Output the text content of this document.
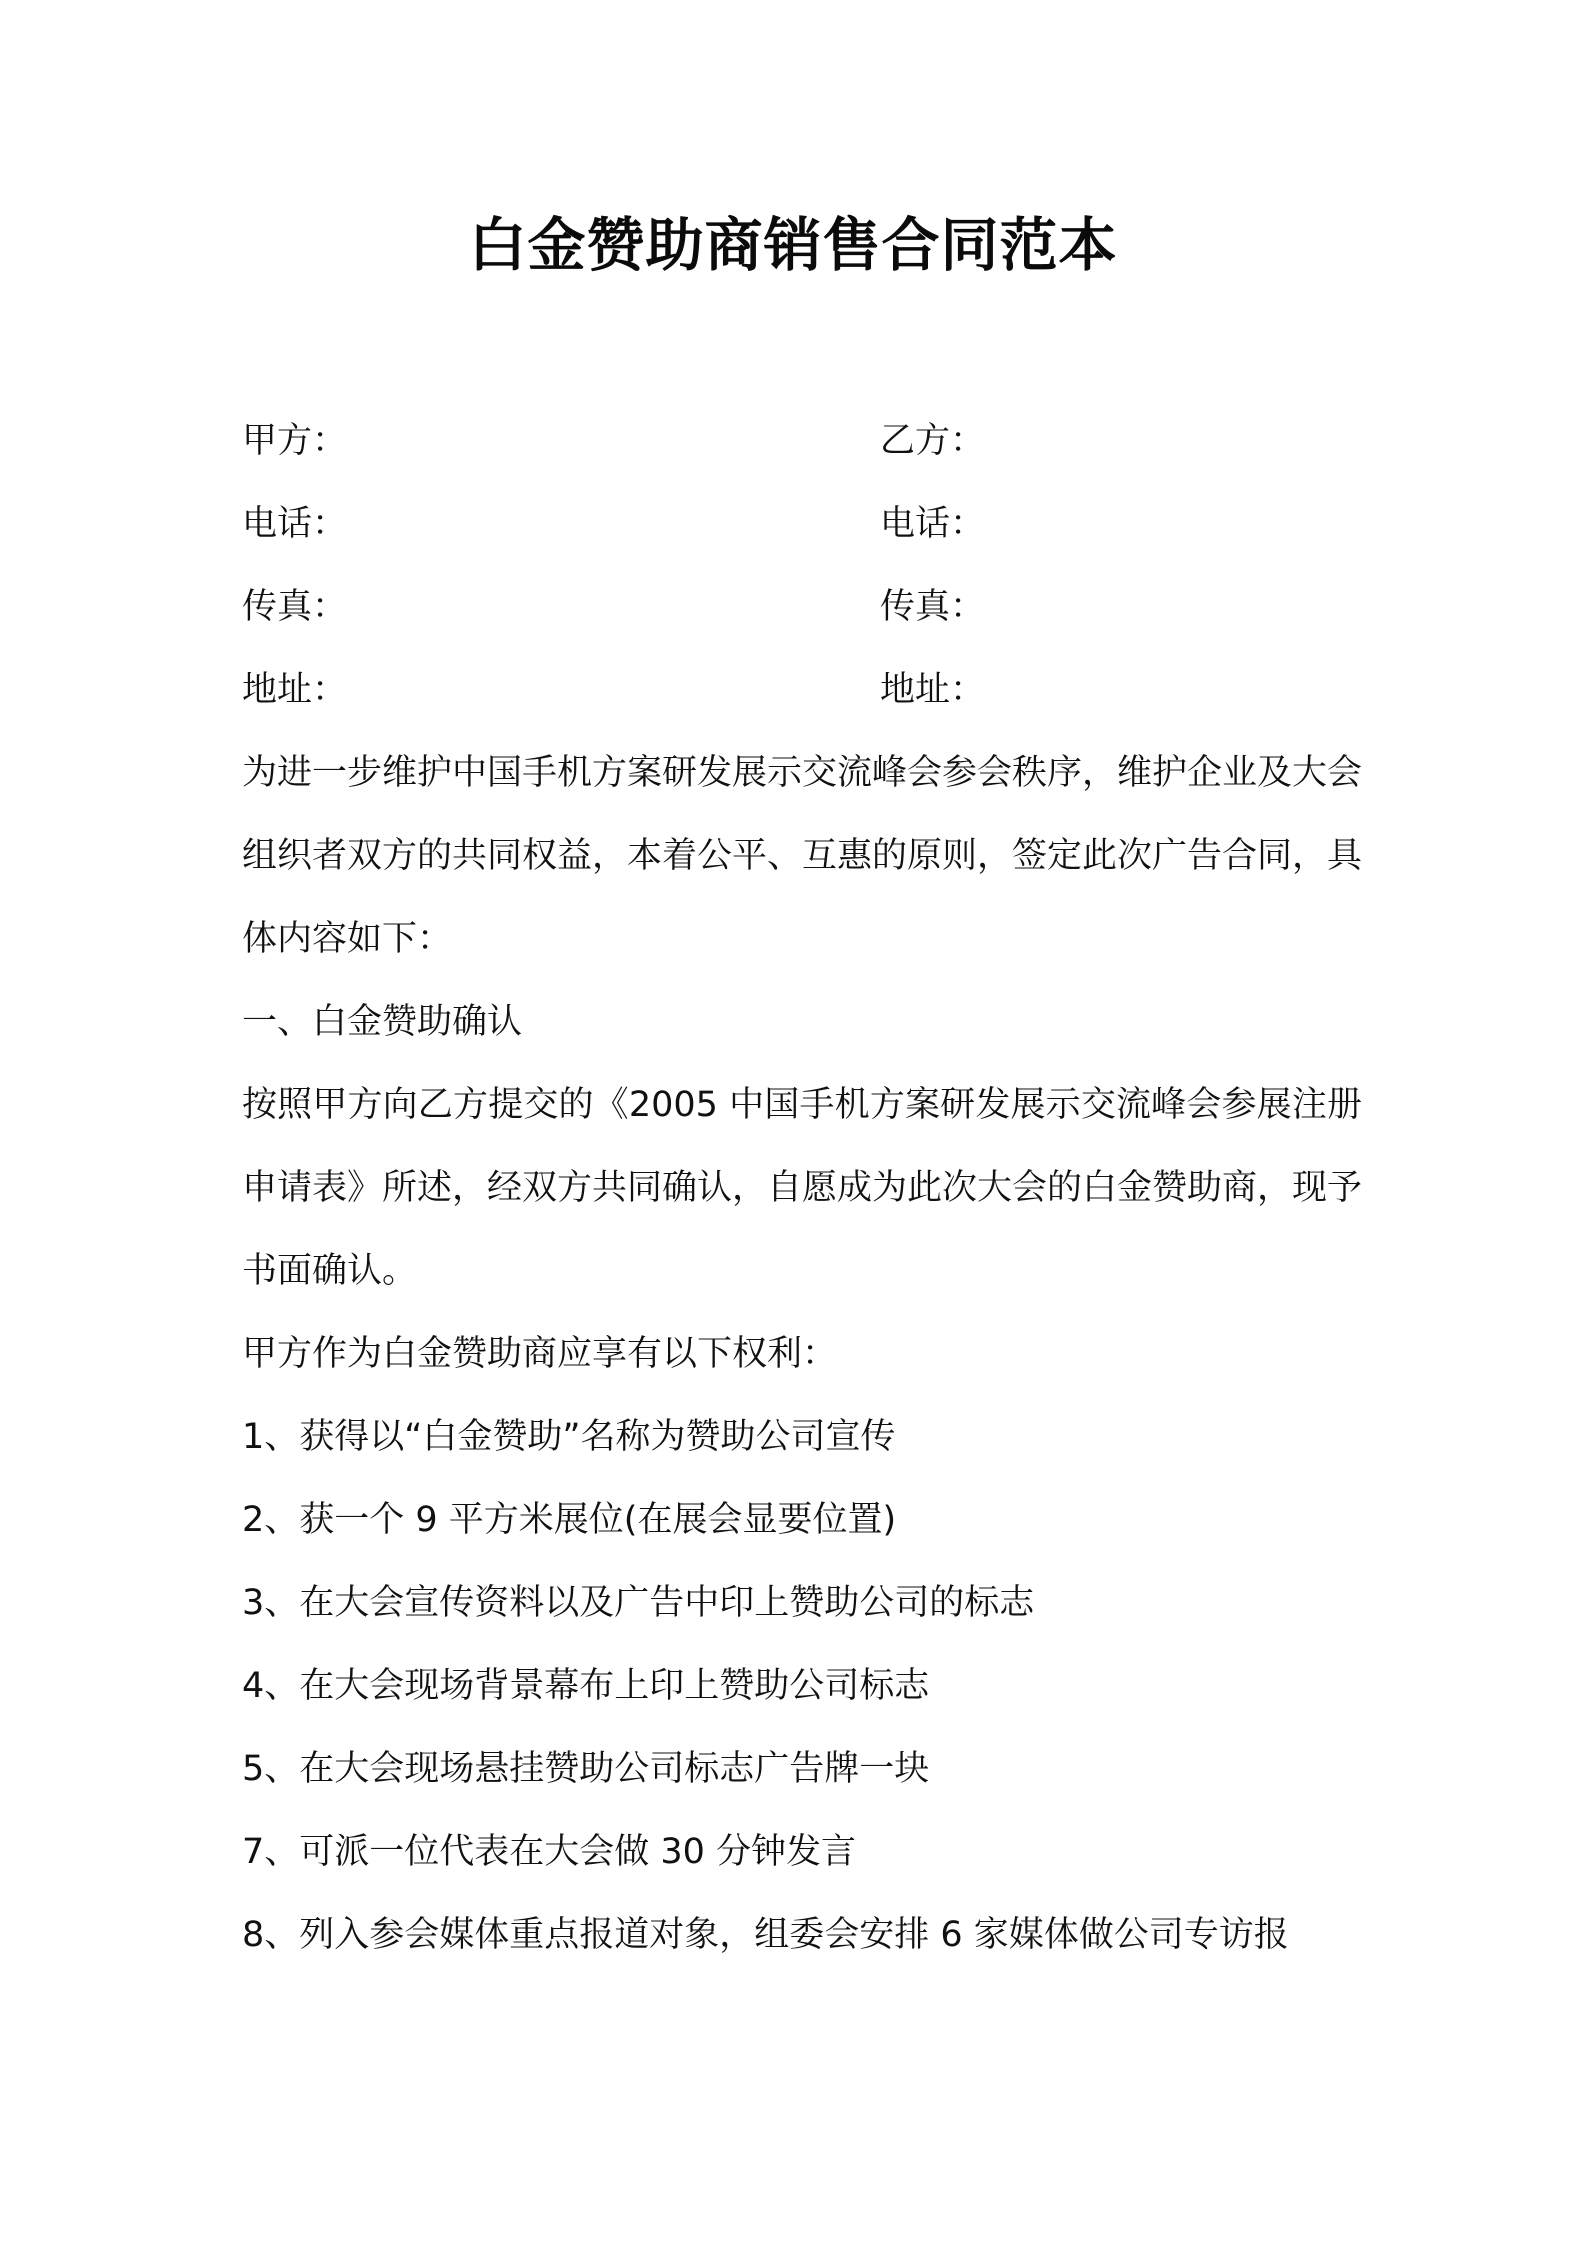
白金赞助商销售合同范本
甲方：	乙方：
电话：	电话：
传真：	传真：
地址：	地址：

为进一步维护中国手机方案研发展示交流峰会参会秩序，维护企业及大会组织者双方的共同权益，本着公平、互惠的原则，签定此次广告合同，具体内容如下：

一、白金赞助确认

按照甲方向乙方提交的《2005 中国手机方案研发展示交流峰会参展注册申请表》所述，经双方共同确认，自愿成为此次大会的白金赞助商，现予书面确认。

甲方作为白金赞助商应享有以下权利：

1、获得以“白金赞助”名称为赞助公司宣传

2、获一个 9 平方米展位(在展会显要位置)

3、在大会宣传资料以及广告中印上赞助公司的标志

4、在大会现场背景幕布上印上赞助公司标志

5、在大会现场悬挂赞助公司标志广告牌一块

7、可派一位代表在大会做 30 分钟发言

8、列入参会媒体重点报道对象，组委会安排 6 家媒体做公司专访报
